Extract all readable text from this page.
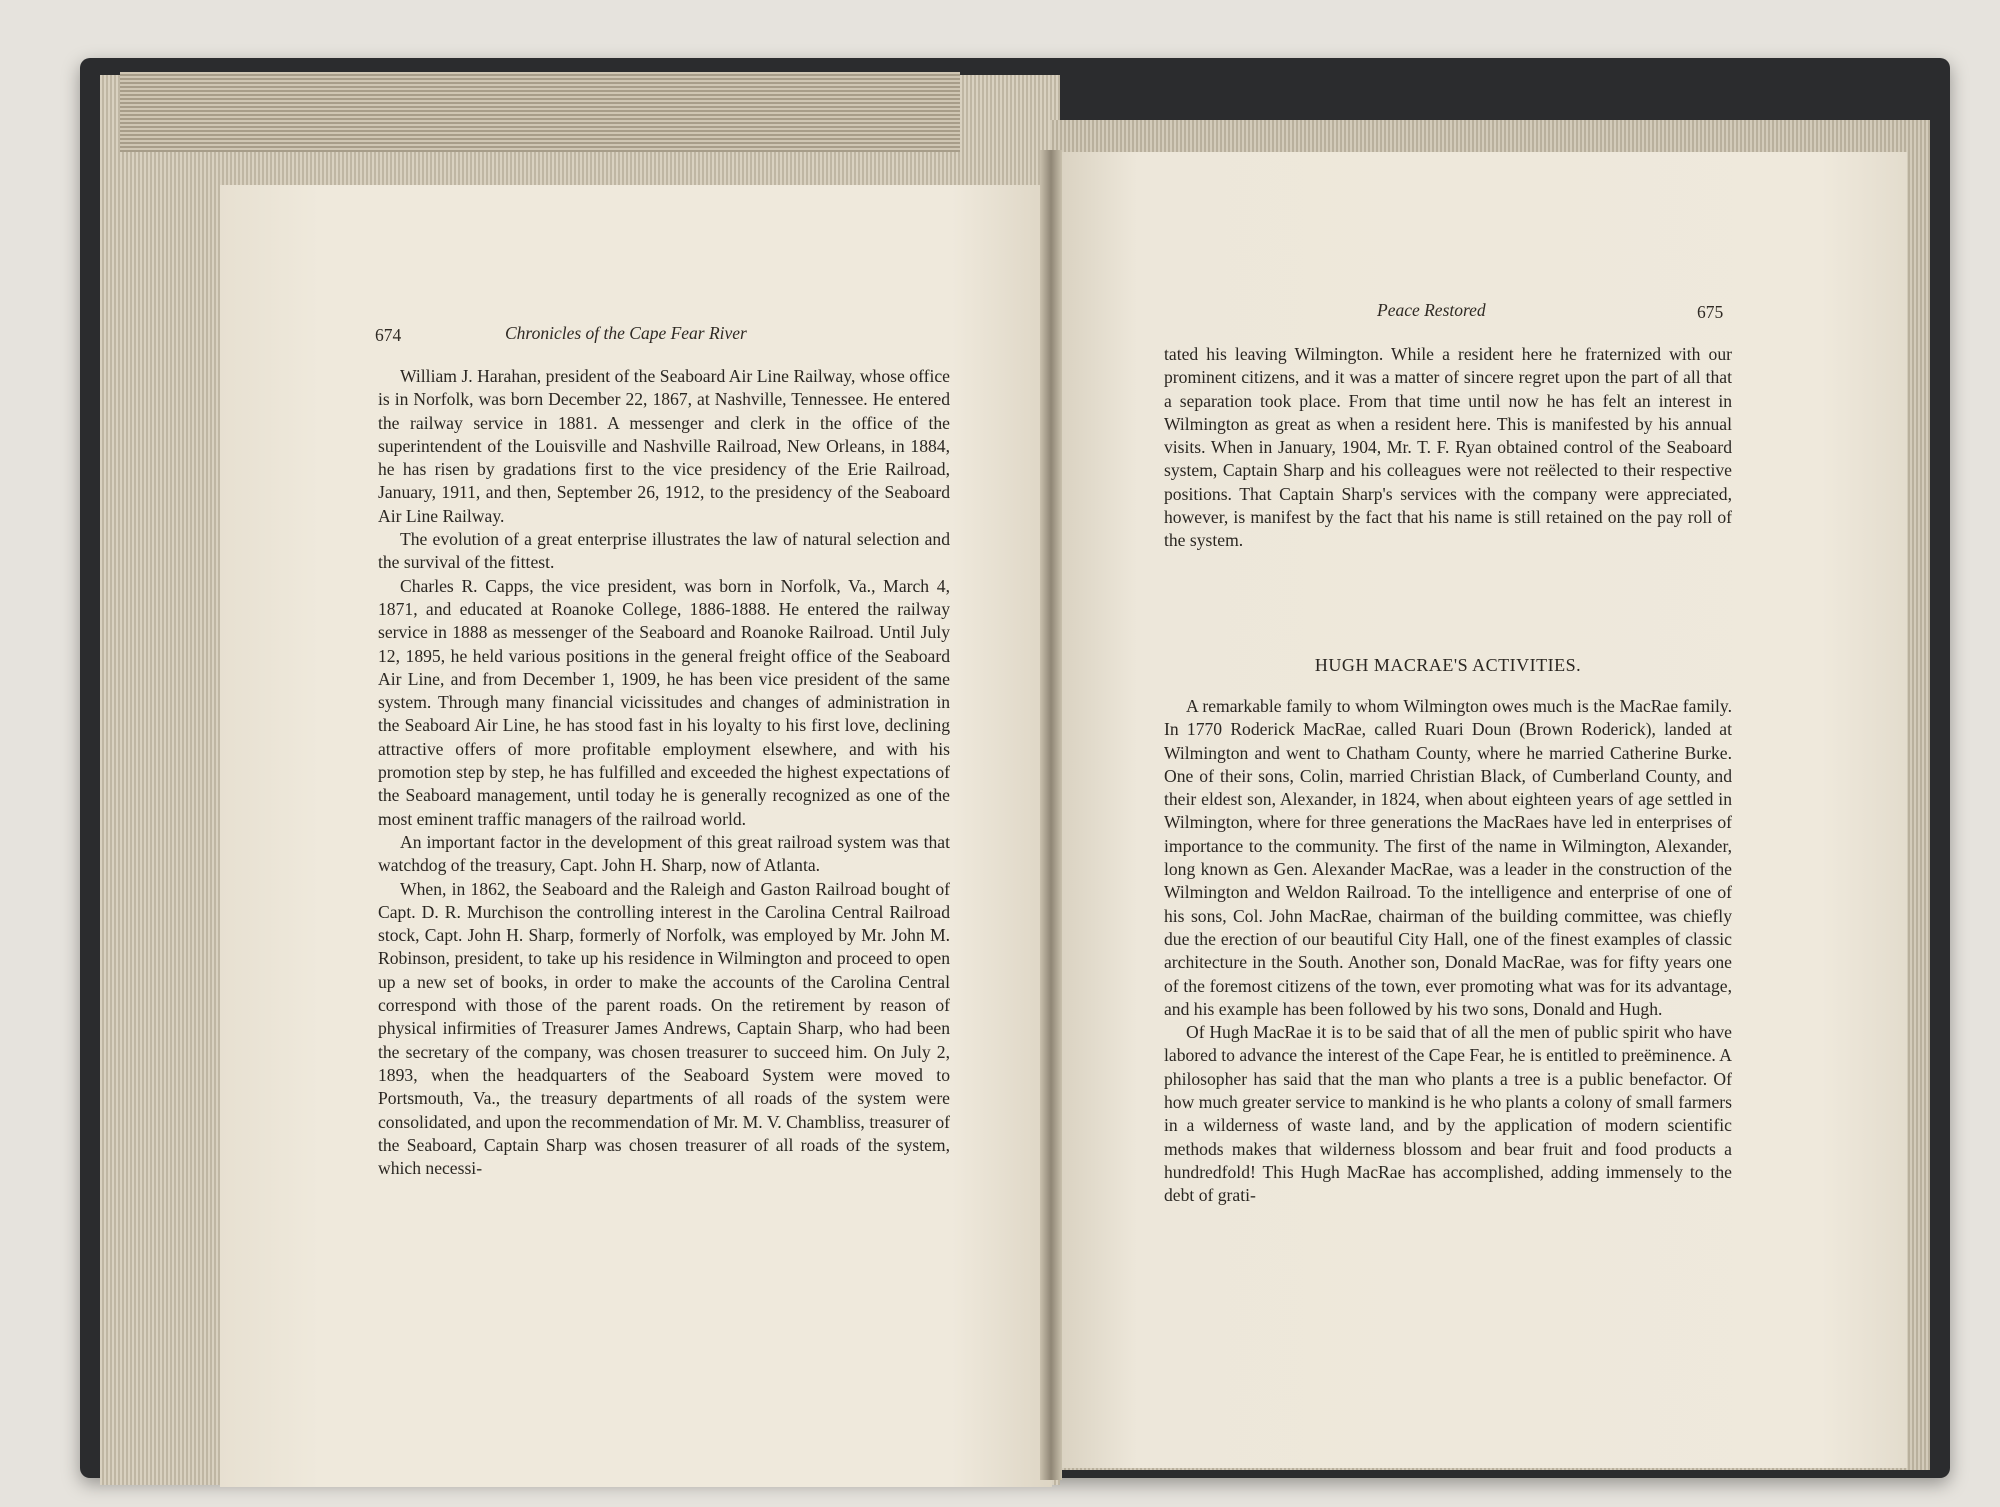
674	Chronicles of the Cape Fear River

William J. Harahan, president of the Seaboard Air Line Railway, whose office is in Norfolk, was born December 22, 1867, at Nashville, Tennessee. He entered the railway service in 1881. A messenger and clerk in the office of the superintendent of the Louisville and Nashville Railroad, New Orleans, in 1884, he has risen by gradations first to the vice presidency of the Erie Railroad, January, 1911, and then, September 26, 1912, to the presidency of the Seaboard Air Line Railway.

The evolution of a great enterprise illustrates the law of natural selection and the survival of the fittest.

Charles R. Capps, the vice president, was born in Norfolk, Va., March 4, 1871, and educated at Roanoke College, 1886-1888. He entered the railway service in 1888 as messenger of the Seaboard and Roanoke Railroad. Until July 12, 1895, he held various positions in the general freight office of the Seaboard Air Line, and from December 1, 1909, he has been vice president of the same system. Through many financial vicissitudes and changes of administration in the Seaboard Air Line, he has stood fast in his loyalty to his first love, declining attractive offers of more profitable employment elsewhere, and with his promotion step by step, he has fulfilled and exceeded the highest expectations of the Seaboard management, until today he is generally recognized as one of the most eminent traffic managers of the railroad world.

An important factor in the development of this great railroad system was that watchdog of the treasury, Capt. John H. Sharp, now of Atlanta.

When, in 1862, the Seaboard and the Raleigh and Gaston Railroad bought of Capt. D. R. Murchison the controlling interest in the Carolina Central Railroad stock, Capt. John H. Sharp, formerly of Norfolk, was employed by Mr. John M. Robinson, president, to take up his residence in Wilmington and proceed to open up a new set of books, in order to make the accounts of the Carolina Central correspond with those of the parent roads. On the retirement by reason of physical infirmities of Treasurer James Andrews, Captain Sharp, who had been the secretary of the company, was chosen treasurer to succeed him. On July 2, 1893, when the headquarters of the Seaboard System were moved to Portsmouth, Va., the treasury departments of all roads of the system were consolidated, and upon the recommendation of Mr. M. V. Chambliss, treasurer of the Seaboard, Captain Sharp was chosen treasurer of all roads of the system, which necessi-

Peace Restored	675

tated his leaving Wilmington. While a resident here he fraternized with our prominent citizens, and it was a matter of sincere regret upon the part of all that a separation took place. From that time until now he has felt an interest in Wilmington as great as when a resident here. This is manifested by his annual visits. When in January, 1904, Mr. T. F. Ryan obtained control of the Seaboard system, Captain Sharp and his colleagues were not reëlected to their respective positions. That Captain Sharp's services with the company were appreciated, however, is manifest by the fact that his name is still retained on the pay roll of the system.

HUGH MACRAE'S ACTIVITIES.

A remarkable family to whom Wilmington owes much is the MacRae family. In 1770 Roderick MacRae, called Ruari Doun (Brown Roderick), landed at Wilmington and went to Chatham County, where he married Catherine Burke. One of their sons, Colin, married Christian Black, of Cumberland County, and their eldest son, Alexander, in 1824, when about eighteen years of age settled in Wilmington, where for three generations the MacRaes have led in enterprises of importance to the community. The first of the name in Wilmington, Alexander, long known as Gen. Alexander MacRae, was a leader in the construction of the Wilmington and Weldon Railroad. To the intelligence and enterprise of one of his sons, Col. John MacRae, chairman of the building committee, was chiefly due the erection of our beautiful City Hall, one of the finest examples of classic architecture in the South. Another son, Donald MacRae, was for fifty years one of the foremost citizens of the town, ever promoting what was for its advantage, and his example has been followed by his two sons, Donald and Hugh.

Of Hugh MacRae it is to be said that of all the men of public spirit who have labored to advance the interest of the Cape Fear, he is entitled to preëminence. A philosopher has said that the man who plants a tree is a public benefactor. Of how much greater service to mankind is he who plants a colony of small farmers in a wilderness of waste land, and by the application of modern scientific methods makes that wilderness blossom and bear fruit and food products a hundredfold! This Hugh MacRae has accomplished, adding immensely to the debt of grati-
